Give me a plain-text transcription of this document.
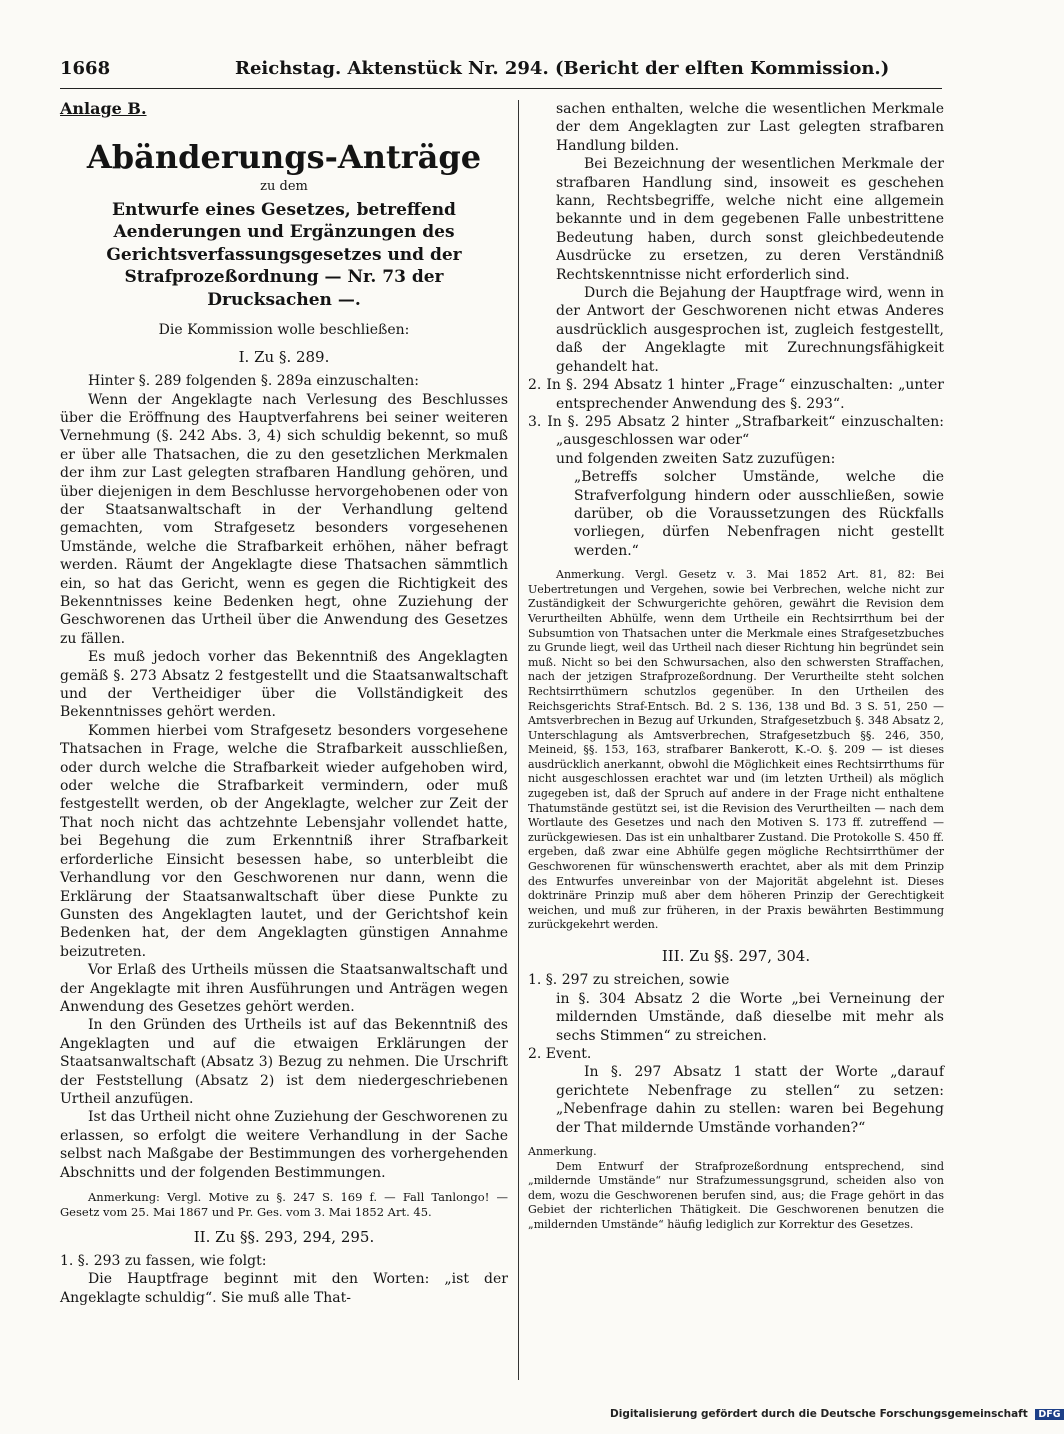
1668	Reichstag. Aktenstück Nr. 294. (Bericht der elften Kommission.)

Anlage B.

Abänderungs-Anträge

zu dem

Entwurfe eines Gesetzes, betreffend Aenderungen und Ergänzungen des Gerichtsverfassungsgesetzes und der Strafprozeßordnung — Nr. 73 der Drucksachen —.

Die Kommission wolle beschließen:

I. Zu §. 289.

Hinter §. 289 folgenden §. 289a einzuschalten:

Wenn der Angeklagte nach Verlesung des Beschlusses über die Eröffnung des Hauptverfahrens bei seiner weiteren Vernehmung (§. 242 Abs. 3, 4) sich schuldig bekennt, so muß er über alle Thatsachen, die zu den gesetzlichen Merkmalen der ihm zur Last gelegten strafbaren Handlung gehören, und über diejenigen in dem Beschlusse hervorgehobenen oder von der Staatsanwaltschaft in der Verhandlung geltend gemachten, vom Strafgesetz besonders vorgesehenen Umstände, welche die Strafbarkeit erhöhen, näher befragt werden. Räumt der Angeklagte diese Thatsachen sämmtlich ein, so hat das Gericht, wenn es gegen die Richtigkeit des Bekenntnisses keine Bedenken hegt, ohne Zuziehung der Geschworenen das Urtheil über die Anwendung des Gesetzes zu fällen.

Es muß jedoch vorher das Bekenntniß des Angeklagten gemäß §. 273 Absatz 2 festgestellt und die Staatsanwaltschaft und der Vertheidiger über die Vollständigkeit des Bekenntnisses gehört werden.

Kommen hierbei vom Strafgesetz besonders vorgesehene Thatsachen in Frage, welche die Strafbarkeit ausschließen, oder durch welche die Strafbarkeit wieder aufgehoben wird, oder welche die Strafbarkeit vermindern, oder muß festgestellt werden, ob der Angeklagte, welcher zur Zeit der That noch nicht das achtzehnte Lebensjahr vollendet hatte, bei Begehung die zum Erkenntniß ihrer Strafbarkeit erforderliche Einsicht besessen habe, so unterbleibt die Verhandlung vor den Geschworenen nur dann, wenn die Erklärung der Staatsanwaltschaft über diese Punkte zu Gunsten des Angeklagten lautet, und der Gerichtshof kein Bedenken hat, der dem Angeklagten günstigen Annahme beizutreten.

Vor Erlaß des Urtheils müssen die Staatsanwaltschaft und der Angeklagte mit ihren Ausführungen und Anträgen wegen Anwendung des Gesetzes gehört werden.

In den Gründen des Urtheils ist auf das Bekenntniß des Angeklagten und auf die etwaigen Erklärungen der Staatsanwaltschaft (Absatz 3) Bezug zu nehmen. Die Urschrift der Feststellung (Absatz 2) ist dem niedergeschriebenen Urtheil anzufügen.

Ist das Urtheil nicht ohne Zuziehung der Geschworenen zu erlassen, so erfolgt die weitere Verhandlung in der Sache selbst nach Maßgabe der Bestimmungen des vorhergehenden Abschnitts und der folgenden Bestimmungen.

Anmerkung: Vergl. Motive zu §. 247 S. 169 f. — Fall Tanlongo! — Gesetz vom 25. Mai 1867 und Pr. Ges. vom 3. Mai 1852 Art. 45.

II. Zu §§. 293, 294, 295.

1. §. 293 zu fassen, wie folgt:

Die Hauptfrage beginnt mit den Worten: „ist der Angeklagte schuldig“. Sie muß alle That-

sachen enthalten, welche die wesentlichen Merkmale der dem Angeklagten zur Last gelegten strafbaren Handlung bilden.

Bei Bezeichnung der wesentlichen Merkmale der strafbaren Handlung sind, insoweit es geschehen kann, Rechtsbegriffe, welche nicht eine allgemein bekannte und in dem gegebenen Falle unbestrittene Bedeutung haben, durch sonst gleichbedeutende Ausdrücke zu ersetzen, zu deren Verständniß Rechtskenntnisse nicht erforderlich sind.

Durch die Bejahung der Hauptfrage wird, wenn in der Antwort der Geschworenen nicht etwas Anderes ausdrücklich ausgesprochen ist, zugleich festgestellt, daß der Angeklagte mit Zurechnungsfähigkeit gehandelt hat.

2. In §. 294 Absatz 1 hinter „Frage“ einzuschalten: „unter entsprechender Anwendung des §. 293“.

3. In §. 295 Absatz 2 hinter „Strafbarkeit“ einzuschalten: „ausgeschlossen war oder“

und folgenden zweiten Satz zuzufügen:

„Betreffs solcher Umstände, welche die Strafverfolgung hindern oder ausschließen, sowie darüber, ob die Voraussetzungen des Rückfalls vorliegen, dürfen Nebenfragen nicht gestellt werden.“

Anmerkung. Vergl. Gesetz v. 3. Mai 1852 Art. 81, 82: Bei Uebertretungen und Vergehen, sowie bei Verbrechen, welche nicht zur Zuständigkeit der Schwurgerichte gehören, gewährt die Revision dem Verurtheilten Abhülfe, wenn dem Urtheile ein Rechtsirrthum bei der Subsumtion von Thatsachen unter die Merkmale eines Strafgesetzbuches zu Grunde liegt, weil das Urtheil nach dieser Richtung hin begründet sein muß. Nicht so bei den Schwursachen, also den schwersten Straffachen, nach der jetzigen Strafprozeßordnung. Der Verurtheilte steht solchen Rechtsirrthümern schutzlos gegenüber. In den Urtheilen des Reichsgerichts Straf-Entsch. Bd. 2 S. 136, 138 und Bd. 3 S. 51, 250 — Amtsverbrechen in Bezug auf Urkunden, Strafgesetzbuch §. 348 Absatz 2, Unterschlagung als Amtsverbrechen, Strafgesetzbuch §§. 246, 350, Meineid, §§. 153, 163, strafbarer Bankerott, K.-O. §. 209 — ist dieses ausdrücklich anerkannt, obwohl die Möglichkeit eines Rechtsirrthums für nicht ausgeschlossen erachtet war und (im letzten Urtheil) als möglich zugegeben ist, daß der Spruch auf andere in der Frage nicht enthaltene Thatumstände gestützt sei, ist die Revision des Verurtheilten — nach dem Wortlaute des Gesetzes und nach den Motiven S. 173 ff. zutreffend — zurückgewiesen. Das ist ein unhaltbarer Zustand. Die Protokolle S. 450 ff. ergeben, daß zwar eine Abhülfe gegen mögliche Rechtsirrthümer der Geschworenen für wünschenswerth erachtet, aber als mit dem Prinzip des Entwurfes unvereinbar von der Majorität abgelehnt ist. Dieses doktrinäre Prinzip muß aber dem höheren Prinzip der Gerechtigkeit weichen, und muß zur früheren, in der Praxis bewährten Bestimmung zurückgekehrt werden.

III. Zu §§. 297, 304.

1. §. 297 zu streichen, sowie

in §. 304 Absatz 2 die Worte „bei Verneinung der mildernden Umstände, daß dieselbe mit mehr als sechs Stimmen“ zu streichen.

2. Event.

In §. 297 Absatz 1 statt der Worte „darauf gerichtete Nebenfrage zu stellen“ zu setzen: „Nebenfrage dahin zu stellen: waren bei Begehung der That mildernde Umstände vorhanden?“

Anmerkung.

Dem Entwurf der Strafprozeßordnung entsprechend, sind „mildernde Umstände“ nur Strafzumessungsgrund, scheiden also von dem, wozu die Geschworenen berufen sind, aus; die Frage gehört in das Gebiet der richterlichen Thätigkeit. Die Geschworenen benutzen die „mildernden Umstände“ häufig lediglich zur Korrektur des Gesetzes.

Digitalisierung gefördert durch die Deutsche Forschungsgemeinschaft DFG
